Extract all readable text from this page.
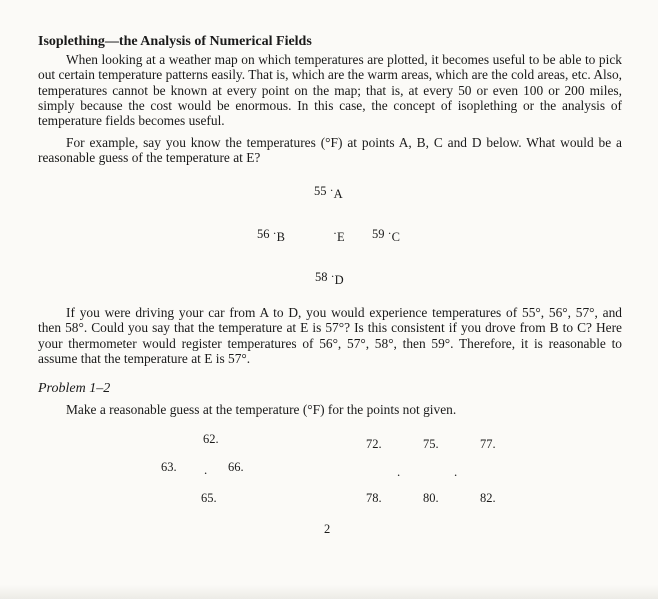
Isoplething—the Analysis of Numerical Fields

When looking at a weather map on which temperatures are plotted, it becomes useful to be able to pick out certain temperature patterns easily. That is, which are the warm areas, which are the cold areas, etc. Also, temperatures cannot be known at every point on the map; that is, at every 50 or even 100 or 200 miles, simply because the cost would be enormous. In this case, the concept of isoplething or the analysis of temperature fields becomes useful.

For example, say you know the temperatures (°F) at points A, B, C and D below. What would be a reasonable guess of the temperature at E?

55 ·A
56 ·B	·E 59 ·C
58 ·D

If you were driving your car from A to D, you would experience temperatures of 55°, 56°, 57°, and then 58°. Could you say that the temperature at E is 57°? Is this consistent if you drove from B to C? Here your thermometer would register temperatures of 56°, 57°, 58°, then 59°. Therefore, it is reasonable to assume that the temperature at E is 57°.

Problem 1–2
Make a reasonable guess at the temperature (°F) for the points not given.
62.	72.	75.	77.
63. . 66.	.	.
65.	78.	80.	82.
2
